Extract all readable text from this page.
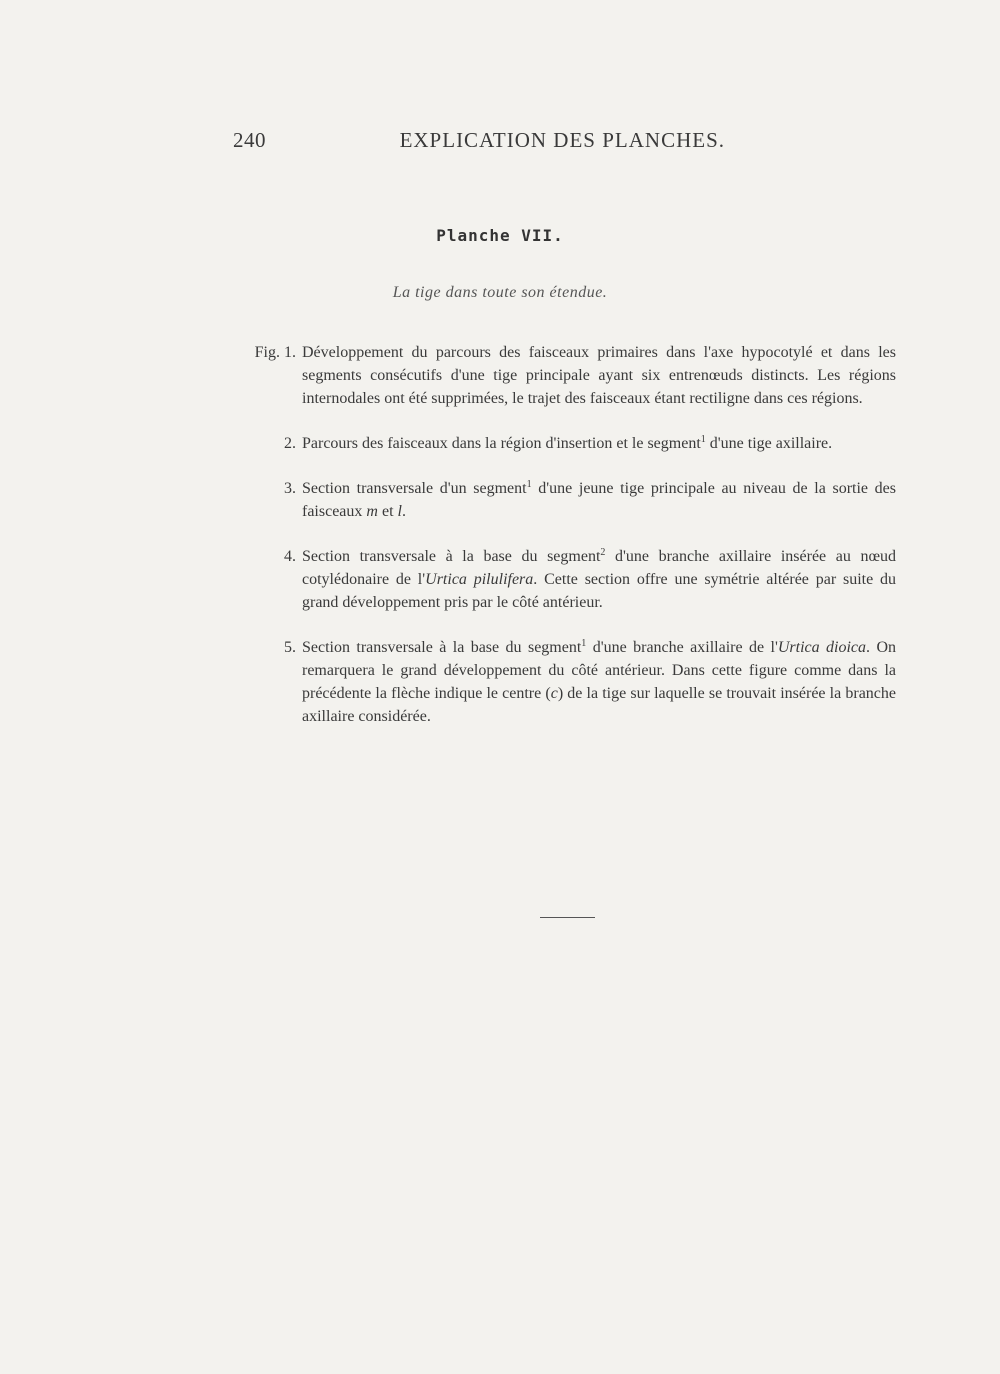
240	EXPLICATION DES PLANCHES.
Planche VII.
La tige dans toute son étendue.

Fig. 1. Développement du parcours des faisceaux primaires dans l'axe hypocotylé et dans les segments consécutifs d'une tige principale ayant six entrenœuds distincts. Les régions internodales ont été supprimées, le trajet des faisceaux étant rectiligne dans ces régions.

2. Parcours des faisceaux dans la région d'insertion et le segment$^1$ d'une tige axillaire.

3. Section transversale d'un segment$^1$ d'une jeune tige principale au niveau de la sortie des faisceaux m et l.

4. Section transversale à la base du segment$^2$ d'une branche axillaire insérée au nœud cotylédonaire de l'Urtica pilulifera. Cette section offre une symétrie altérée par suite du grand développement pris par le côté antérieur.

5. Section transversale à la base du segment$^1$ d'une branche axillaire de l'Urtica dioica. On remarquera le grand développement du côté antérieur. Dans cette figure comme dans la précédente la flèche indique le centre (c) de la tige sur laquelle se trouvait insérée la branche axillaire considérée.
